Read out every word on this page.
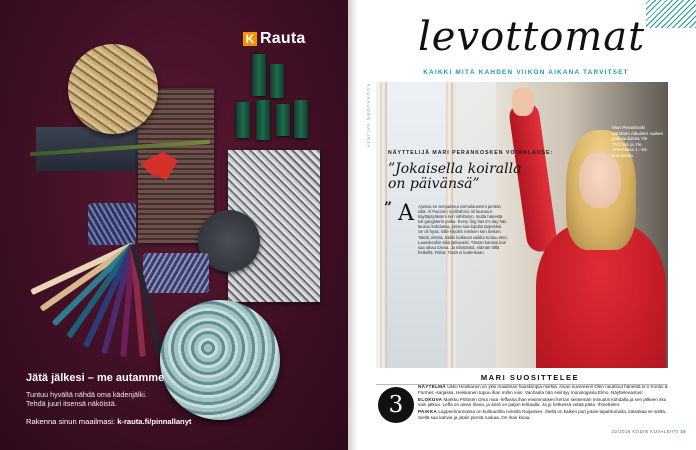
K Rauta
Jätä jälkesi – me autamme
Tuntuu hyvältä nähdä oma kädenjälki.
Tehdä juuri itsensä näköistä.
Rakenna sinun maailmasi: k-rauta.fi/pinnallanyt
levottomat
KAIKKI MITÄ KAHDEN VIIKON AIKANA TARVITSET
KUUKAUDEN VALINTA	Mari Perankoski nähdään Aikuisen naisen joululauluissa Yle TV1:ssä ja Yle Areenassa 1.–24. joulukuuta.
NÄYTTELIJÄ MARI PERANKOSKEN VOIMALAUSE:
”Jokaisella koiralla on päivänsä”
” A Ajoissa en tempaissut voimalauseeni perään siitä. Al Pacinon roolihahmo oli lausunut käyttäytyäkseni sen vähittelyn, mutta hänestä tuli gangsterin poika. Every dog has it's day hän lausuu kohdassa, jossa saa lopulta tarpeeksi. Se oli hyvä. Sille kirjoitin mieleen sen hetken. Taksit, elämä, kaikki kulkevat vaikka tuntuu ettei. Lausekeskin siitä jatkuvasti. Tämän kanssa kun saa aikaa toivoa. Ja elämänsä, elämän tällä hetkellä. Päivä. Tiedä ei kuitenkaan.
MARI SUOSITTELEE
3
NÄYTELMÄ Ukko Heiskanen on yksi maailman hauskimpia miehiä. Aivan suvereeni! Olen nauttinut hänestä tv:n Kontio & Formes -sarjassa. Heiskanen tupuu ihan mihin vain. Vanhasta hän esiintyy monologissa Elmo. Näyttelevantus!
ELOKUVA Markku Pölönen Oma maa -leffassa ihan ensimmäisen kerran seitsemän minuutin kohdalla ja sen jälkeen itku vain jatkuu. Leffa on aivan ihana, ja siinä on paljon tehtaalla. Ja jo hetkessä vetää pään. Ihmettelen.
PAIKKA Lappeenrannassa on kulttuuritila nimeltä Nuijamies. Siellä on kaiken pari jotain tapahtumista, katsokaa se sieltä. Siellä saa kahvia ja jotain pientä ruokaa. On ihan kivaa.
22/2016 KODIN KUVALEHTI 15
